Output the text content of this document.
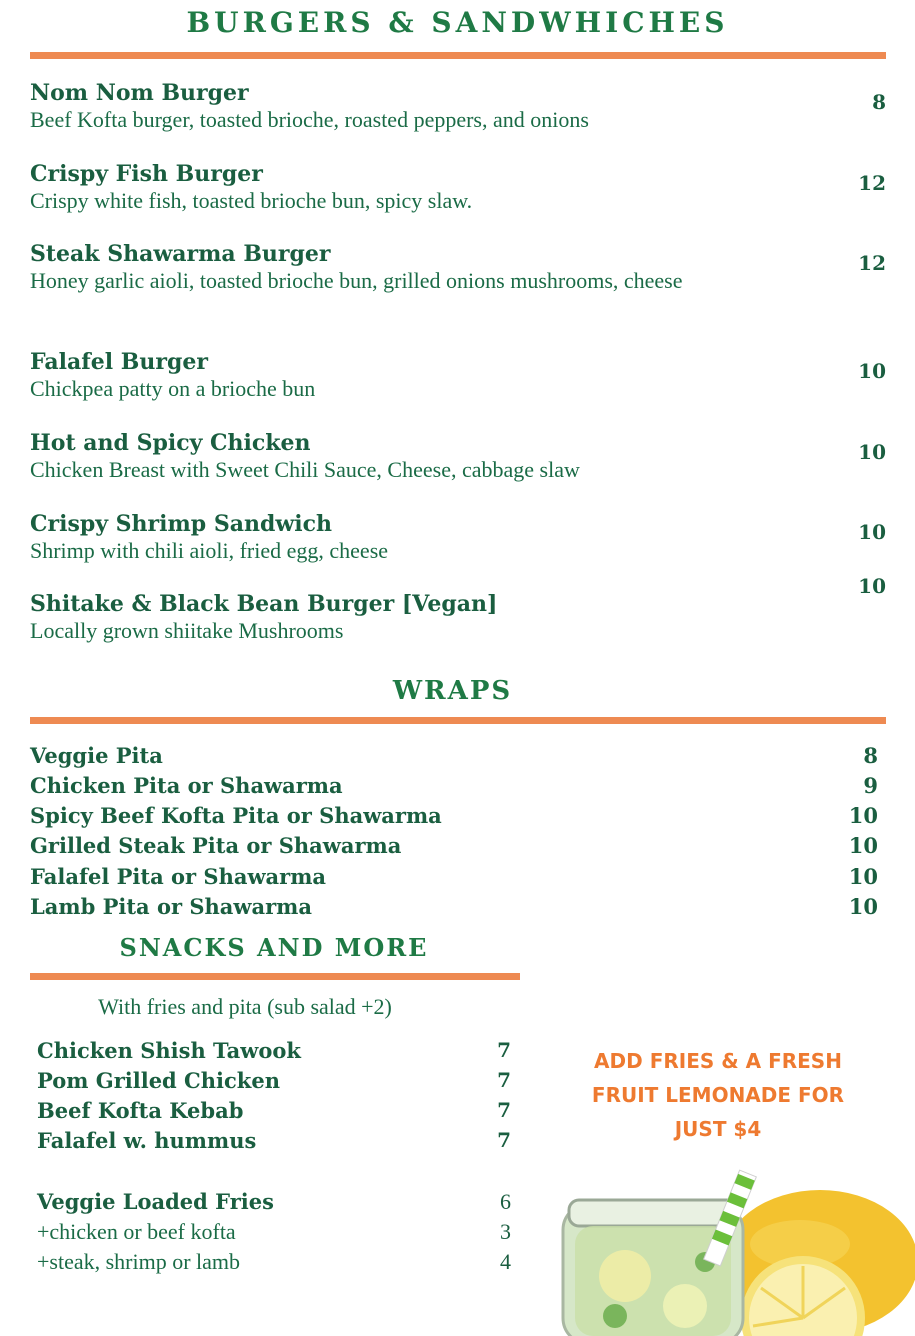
BURGERS & SANDWHICHES
Nom Nom Burger
Beef Kofta burger, toasted brioche, roasted peppers, and onions
8
Crispy Fish Burger
Crispy white fish, toasted brioche bun, spicy slaw.
12
Steak Shawarma Burger
Honey garlic aioli, toasted brioche bun, grilled onions mushrooms, cheese
12
Falafel Burger
Chickpea patty on a brioche bun
10
Hot and Spicy Chicken
Chicken Breast with Sweet Chili Sauce, Cheese, cabbage slaw
10
Crispy Shrimp Sandwich
Shrimp with chili aioli, fried egg, cheese
10
Shitake & Black Bean Burger [Vegan]
Locally grown shiitake Mushrooms
10
WRAPS
Veggie Pita	8
Chicken Pita or Shawarma	9
Spicy Beef Kofta Pita or Shawarma	10
Grilled Steak Pita or Shawarma	10
Falafel Pita or Shawarma	10
Lamb Pita or Shawarma	10
SNACKS AND MORE
With fries and pita (sub salad +2)
Chicken Shish Tawook	7
Pom Grilled Chicken	7
Beef Kofta Kebab	7
Falafel w. hummus	7
Veggie Loaded Fries	6
+chicken or beef kofta	3
+steak, shrimp or lamb	4
ADD FRIES & A FRESH
FRUIT LEMONADE FOR
JUST $4
